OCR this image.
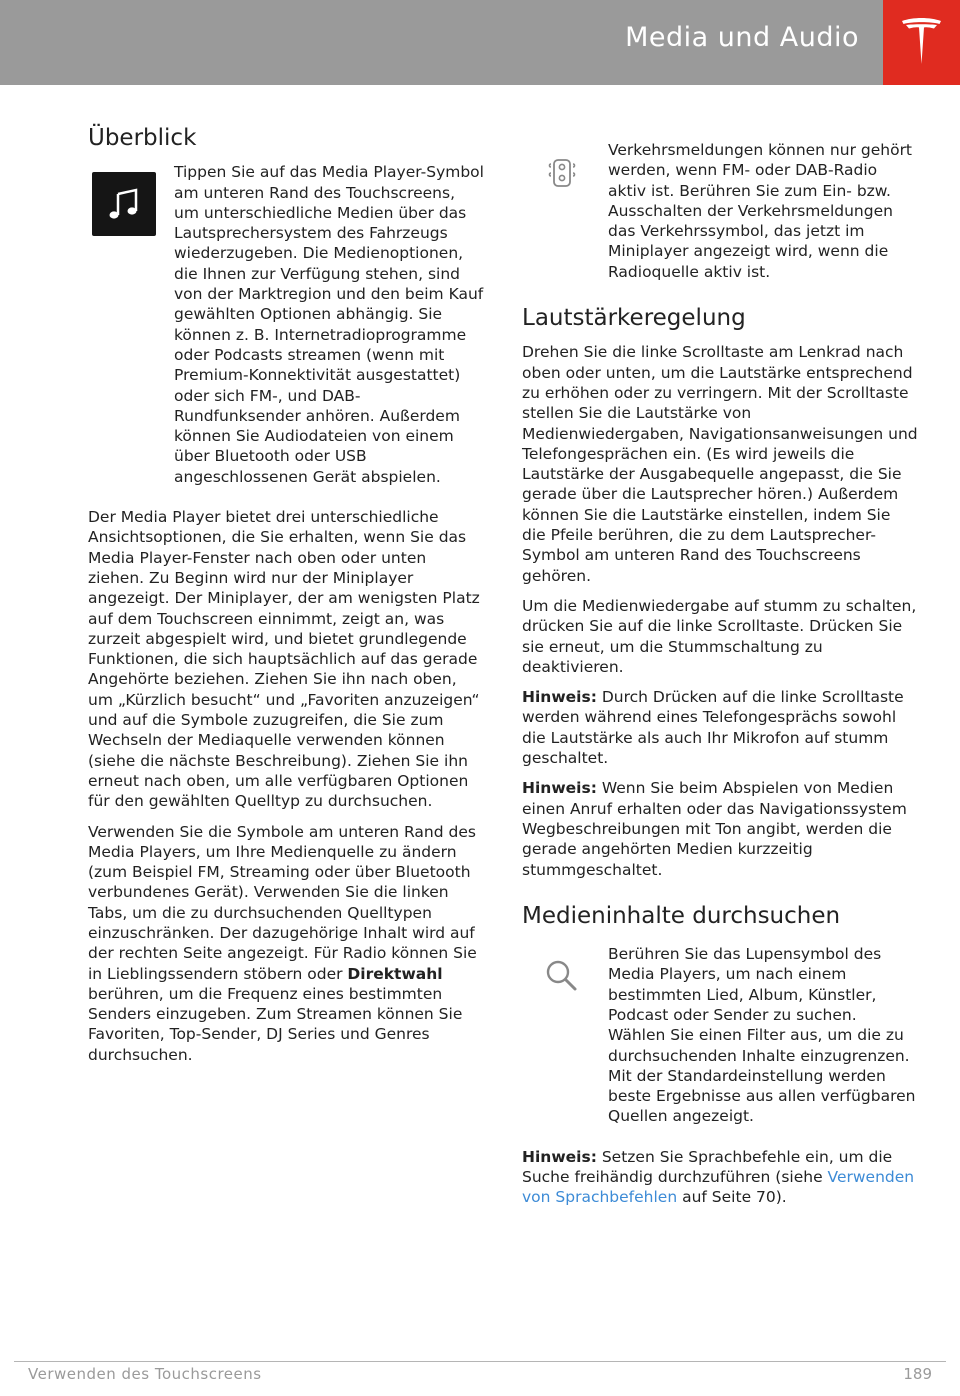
Media und Audio
Überblick
Tippen Sie auf das Media Player-Symbol am unteren Rand des Touchscreens, um unterschiedliche Medien über das Lautsprechersystem des Fahrzeugs wiederzugeben. Die Medienoptionen, die Ihnen zur Verfügung stehen, sind von der Marktregion und den beim Kauf gewählten Optionen abhängig. Sie können z. B. Internetradioprogramme oder Podcasts streamen (wenn mit Premium-Konnektivität ausgestattet) oder sich FM-, und DAB-Rundfunksender anhören. Außerdem können Sie Audiodateien von einem über Bluetooth oder USB angeschlossenen Gerät abspielen.

Der Media Player bietet drei unterschiedliche Ansichtsoptionen, die Sie erhalten, wenn Sie das Media Player-Fenster nach oben oder unten ziehen. Zu Beginn wird nur der Miniplayer angezeigt. Der Miniplayer, der am wenigsten Platz auf dem Touchscreen einnimmt, zeigt an, was zurzeit abgespielt wird, und bietet grundlegende Funktionen, die sich hauptsächlich auf das gerade Angehörte beziehen. Ziehen Sie ihn nach oben, um „Kürzlich besucht“ und „Favoriten anzuzeigen“ und auf die Symbole zuzugreifen, die Sie zum Wechseln der Mediaquelle verwenden können (siehe die nächste Beschreibung). Ziehen Sie ihn erneut nach oben, um alle verfügbaren Optionen für den gewählten Quelltyp zu durchsuchen.

Verwenden Sie die Symbole am unteren Rand des Media Players, um Ihre Medienquelle zu ändern (zum Beispiel FM, Streaming oder über Bluetooth verbundenes Gerät). Verwenden Sie die linken Tabs, um die zu durchsuchenden Quelltypen einzuschränken. Der dazugehörige Inhalt wird auf der rechten Seite angezeigt. Für Radio können Sie in Lieblingssendern stöbern oder Direktwahl berühren, um die Frequenz eines bestimmten Senders einzugeben. Zum Streamen können Sie Favoriten, Top-Sender, DJ Series und Genres durchsuchen.

Verkehrsmeldungen können nur gehört werden, wenn FM- oder DAB-Radio aktiv ist. Berühren Sie zum Ein- bzw. Ausschalten der Verkehrsmeldungen das Verkehrssymbol, das jetzt im Miniplayer angezeigt wird, wenn die Radioquelle aktiv ist.
Lautstärkeregelung

Drehen Sie die linke Scrolltaste am Lenkrad nach oben oder unten, um die Lautstärke entsprechend zu erhöhen oder zu verringern. Mit der Scrolltaste stellen Sie die Lautstärke von Medienwiedergaben, Navigationsanweisungen und Telefongesprächen ein. (Es wird jeweils die Lautstärke der Ausgabequelle angepasst, die Sie gerade über die Lautsprecher hören.) Außerdem können Sie die Lautstärke einstellen, indem Sie die Pfeile berühren, die zu dem Lautsprecher-Symbol am unteren Rand des Touchscreens gehören.

Um die Medienwiedergabe auf stumm zu schalten, drücken Sie auf die linke Scrolltaste. Drücken Sie sie erneut, um die Stummschaltung zu deaktivieren.

Hinweis: Durch Drücken auf die linke Scrolltaste werden während eines Telefongesprächs sowohl die Lautstärke als auch Ihr Mikrofon auf stumm geschaltet.

Hinweis: Wenn Sie beim Abspielen von Medien einen Anruf erhalten oder das Navigationssystem Wegbeschreibungen mit Ton angibt, werden die gerade angehörten Medien kurzzeitig stummgeschaltet.

Medieninhalte durchsuchen
Berühren Sie das Lupensymbol des Media Players, um nach einem bestimmten Lied, Album, Künstler, Podcast oder Sender zu suchen. Wählen Sie einen Filter aus, um die zu durchsuchenden Inhalte einzugrenzen. Mit der Standardeinstellung werden beste Ergebnisse aus allen verfügbaren Quellen angezeigt.

Hinweis: Setzen Sie Sprachbefehle ein, um die Suche freihändig durchzuführen (siehe Verwenden von Sprachbefehlen auf Seite 70).

Verwenden des Touchscreens	189
